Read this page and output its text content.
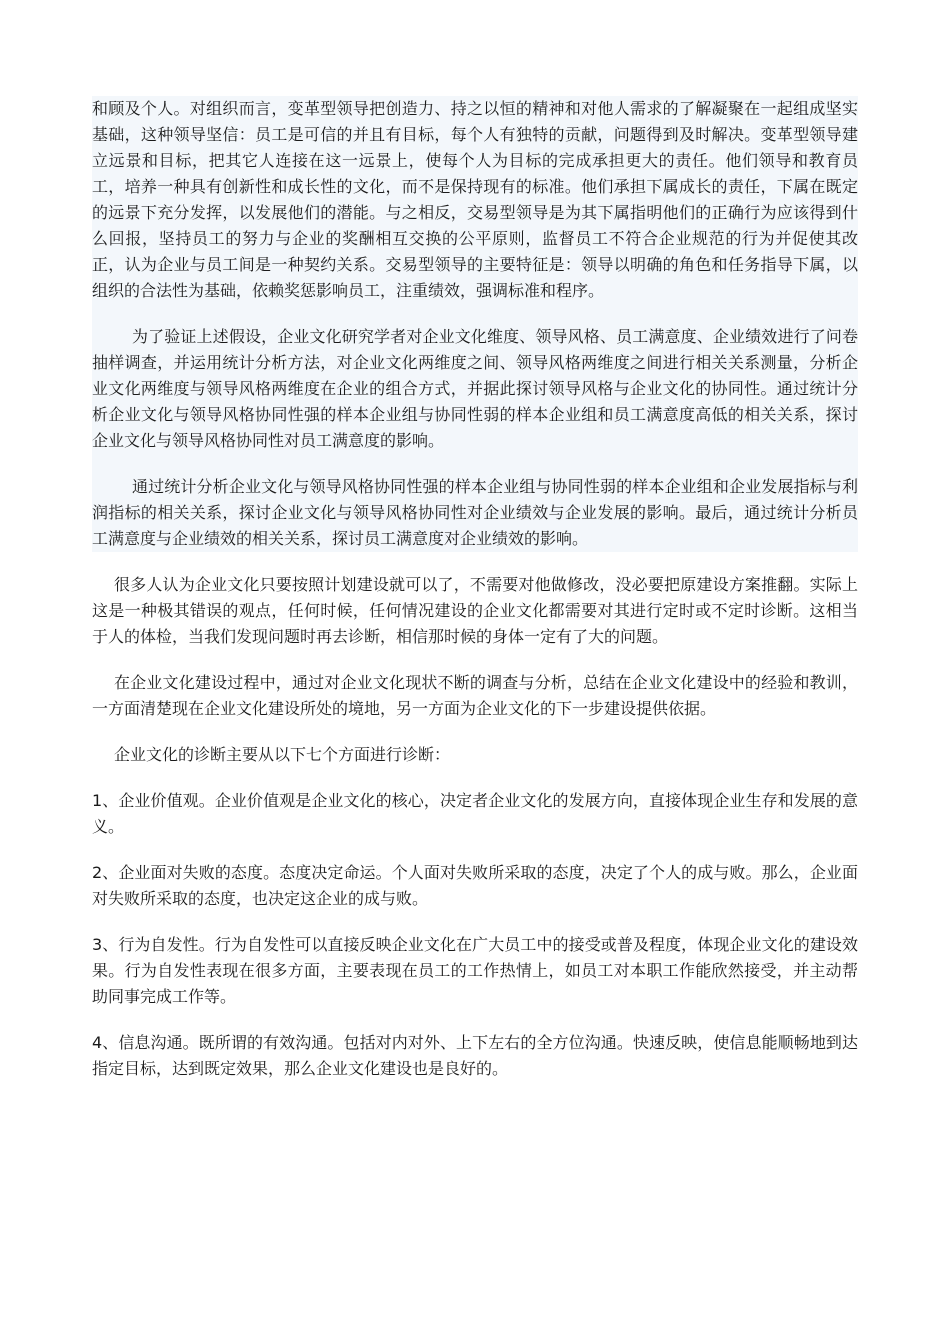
和顾及个人。对组织而言，变革型领导把创造力、持之以恒的精神和对他人需求的了解凝聚在一起组成坚实基础，这种领导坚信：员工是可信的并且有目标，每个人有独特的贡献，问题得到及时解决。变革型领导建立远景和目标，把其它人连接在这一远景上，使每个人为目标的完成承担更大的责任。他们领导和教育员工，培养一种具有创新性和成长性的文化，而不是保持现有的标准。他们承担下属成长的责任，下属在既定的远景下充分发挥，以发展他们的潜能。与之相反，交易型领导是为其下属指明他们的正确行为应该得到什么回报，坚持员工的努力与企业的奖酬相互交换的公平原则，监督员工不符合企业规范的行为并促使其改正，认为企业与员工间是一种契约关系。交易型领导的主要特征是：领导以明确的角色和任务指导下属，以组织的合法性为基础，依赖奖惩影响员工，注重绩效，强调标准和程序。

为了验证上述假设，企业文化研究学者对企业文化维度、领导风格、员工满意度、企业绩效进行了问卷抽样调查，并运用统计分析方法，对企业文化两维度之间、领导风格两维度之间进行相关关系测量，分析企业文化两维度与领导风格两维度在企业的组合方式，并据此探讨领导风格与企业文化的协同性。通过统计分析企业文化与领导风格协同性强的样本企业组与协同性弱的样本企业组和员工满意度高低的相关关系，探讨企业文化与领导风格协同性对员工满意度的影响。

通过统计分析企业文化与领导风格协同性强的样本企业组与协同性弱的样本企业组和企业发展指标与利润指标的相关关系，探讨企业文化与领导风格协同性对企业绩效与企业发展的影响。最后，通过统计分析员工满意度与企业绩效的相关关系，探讨员工满意度对企业绩效的影响。

很多人认为企业文化只要按照计划建设就可以了，不需要对他做修改，没必要把原建设方案推翻。实际上这是一种极其错误的观点，任何时候，任何情况建设的企业文化都需要对其进行定时或不定时诊断。这相当于人的体检，当我们发现问题时再去诊断，相信那时候的身体一定有了大的问题。

在企业文化建设过程中，通过对企业文化现状不断的调查与分析，总结在企业文化建设中的经验和教训，一方面清楚现在企业文化建设所处的境地，另一方面为企业文化的下一步建设提供依据。

企业文化的诊断主要从以下七个方面进行诊断：

1、企业价值观。企业价值观是企业文化的核心，决定者企业文化的发展方向，直接体现企业生存和发展的意义。

2、企业面对失败的态度。态度决定命运。个人面对失败所采取的态度，决定了个人的成与败。那么，企业面对失败所采取的态度，也决定这企业的成与败。

3、行为自发性。行为自发性可以直接反映企业文化在广大员工中的接受或普及程度，体现企业文化的建设效果。行为自发性表现在很多方面，主要表现在员工的工作热情上，如员工对本职工作能欣然接受，并主动帮助同事完成工作等。

4、信息沟通。既所谓的有效沟通。包括对内对外、上下左右的全方位沟通。快速反映，使信息能顺畅地到达指定目标，达到既定效果，那么企业文化建设也是良好的。
